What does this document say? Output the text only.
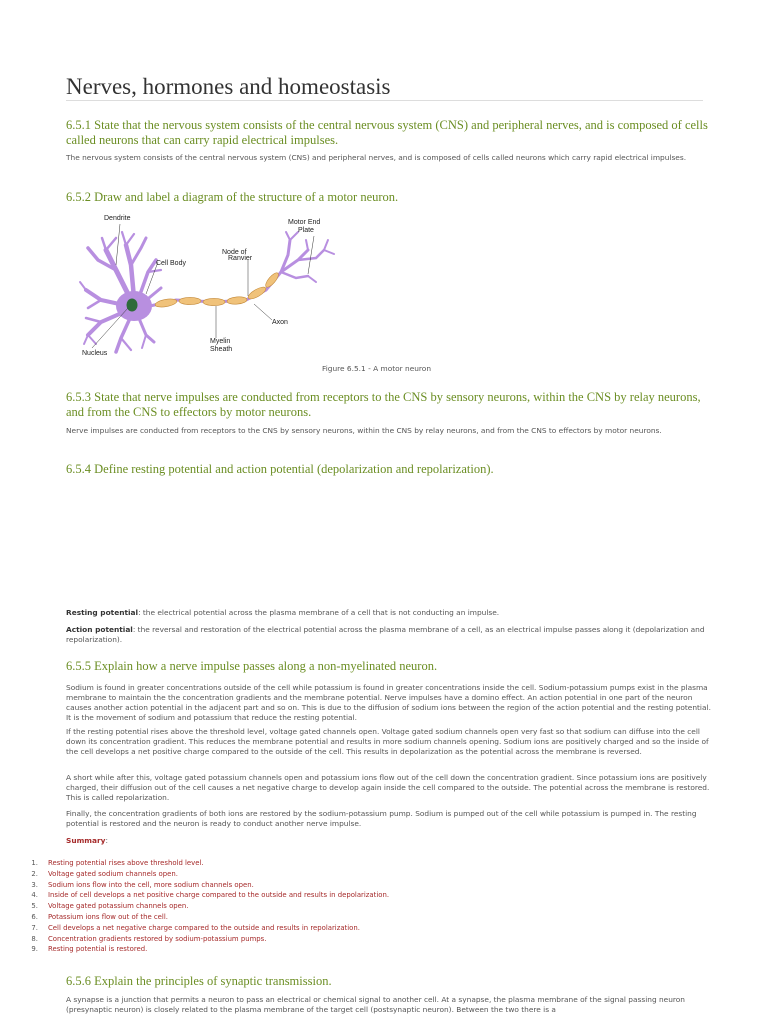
Nerves, hormones and homeostasis
6.5.1 State that the nervous system consists of the central nervous system (CNS) and peripheral nerves, and is composed of cells called neurons that can carry rapid electrical impulses.

The nervous system consists of the central nervous system (CNS) and peripheral nerves, and is composed of cells called neurons which carry rapid electrical impulses.

6.5.2 Draw and label a diagram of the structure of a motor neuron.
Dendrite
Cell Body
Motor End
Plate
Node of
Ranvier
Axon
Myelin
Sheath
Nucleus
Figure 6.5.1 - A motor neuron
6.5.3 State that nerve impulses are conducted from receptors to the CNS by sensory neurons, within the CNS by relay neurons, and from the CNS to effectors by motor neurons.

Nerve impulses are conducted from receptors to the CNS by sensory neurons, within the CNS by relay neurons, and from the CNS to effectors by motor neurons.

6.5.4 Define resting potential and action potential (depolarization and repolarization).

Resting potential: the electrical potential across the plasma membrane of a cell that is not conducting an impulse.

Action potential: the reversal and restoration of the electrical potential across the plasma membrane of a cell, as an electrical impulse passes along it (depolarization and repolarization).

6.5.5 Explain how a nerve impulse passes along a non-myelinated neuron.

Sodium is found in greater concentrations outside of the cell while potassium is found in greater concentrations inside the cell. Sodium-potassium pumps exist in the plasma membrane to maintain the the concentration gradients and the membrane potential. Nerve impulses have a domino effect. An action potential in one part of the neuron causes another action potential in the adjacent part and so on. This is due to the diffusion of sodium ions between the region of the action potential and the resting potential. It is the movement of sodium and potassium that reduce the resting potential.

If the resting potential rises above the threshold level, voltage gated channels open. Voltage gated sodium channels open very fast so that sodium can diffuse into the cell down its concentration gradient. This reduces the membrane potential and results in more sodium channels opening. Sodium ions are positively charged and so the inside of the cell develops a net positive charge compared to the outside of the cell. This results in depolarization as the potential across the membrane is reversed.

A short while after this, voltage gated potassium channels open and potassium ions flow out of the cell down the concentration gradient. Since potassium ions are positively charged, their diffusion out of the cell causes a net negative charge to develop again inside the cell compared to the outside. The potential across the membrane is restored. This is called repolarization.

Finally, the concentration gradients of both ions are restored by the sodium-potassium pump. Sodium is pumped out of the cell while potassium is pumped in. The resting potential is restored and the neuron is ready to conduct another nerve impulse.

Summary:

1. Resting potential rises above threshold level.
2. Voltage gated sodium channels open.
3. Sodium ions flow into the cell, more sodium channels open.
4. Inside of cell develops a net positive charge compared to the outside and results in depolarization.
5. Voltage gated potassium channels open.
6. Potassium ions flow out of the cell.
7. Cell develops a net negative charge compared to the outside and results in repolarization.
8. Concentration gradients restored by sodium-potassium pumps.
9. Resting potential is restored.
6.5.6 Explain the principles of synaptic transmission.

A synapse is a junction that permits a neuron to pass an electrical or chemical signal to another cell. At a synapse, the plasma membrane of the signal passing neuron (presynaptic neuron) is closely related to the plasma membrane of the target cell (postsynaptic neuron). Between the two there is a
